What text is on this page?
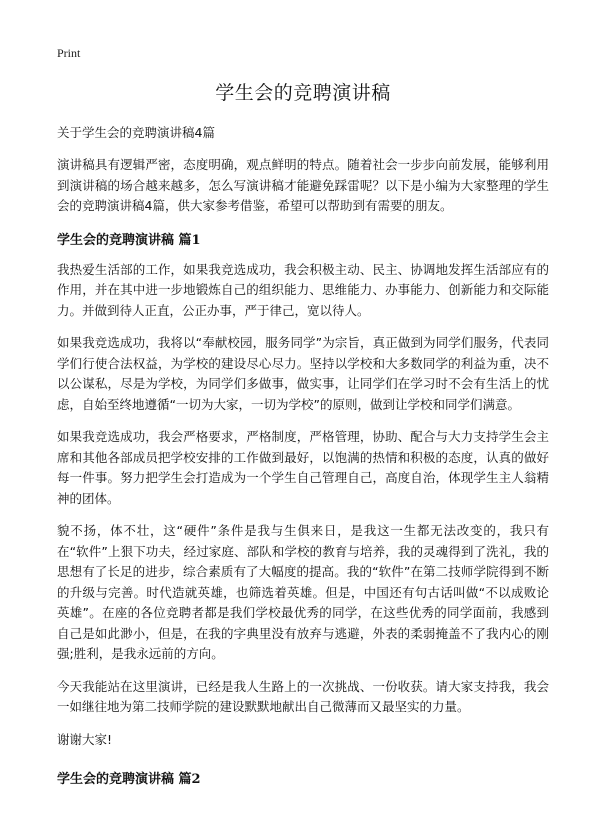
Print
学生会的竞聘演讲稿
关于学生会的竞聘演讲稿4篇

演讲稿具有逻辑严密，态度明确，观点鲜明的特点。随着社会一步步向前发展，能够利用到演讲稿的场合越来越多，怎么写演讲稿才能避免踩雷呢？以下是小编为大家整理的学生会的竞聘演讲稿4篇，供大家参考借鉴，希望可以帮助到有需要的朋友。

学生会的竞聘演讲稿 篇1

我热爱生活部的工作，如果我竞选成功，我会积极主动、民主、协调地发挥生活部应有的作用，并在其中进一步地锻炼自己的组织能力、思维能力、办事能力、创新能力和交际能力。并做到待人正直，公正办事，严于律己，宽以待人。

如果我竞选成功，我将以“奉献校园，服务同学”为宗旨，真正做到为同学们服务，代表同学们行使合法权益，为学校的建设尽心尽力。坚持以学校和大多数同学的利益为重，决不以公谋私，尽是为学校，为同学们多做事，做实事，让同学们在学习时不会有生活上的忧虑，自始至终地遵循“一切为大家，一切为学校”的原则，做到让学校和同学们满意。

如果我竞选成功，我会严格要求，严格制度，严格管理，协助、配合与大力支持学生会主席和其他各部成员把学校安排的工作做到最好，以饱满的热情和积极的态度，认真的做好每一件事。努力把学生会打造成为一个学生自己管理自己，高度自治，体现学生主人翁精神的团体。

貌不扬，体不壮，这“硬件”条件是我与生俱来日，是我这一生都无法改变的，我只有在“软件”上狠下功夫，经过家庭、部队和学校的教育与培养，我的灵魂得到了洗礼，我的思想有了长足的进步，综合素质有了大幅度的提高。我的“软件”在第二技师学院得到不断的升级与完善。时代造就英雄，也筛选着英雄。但是，中国还有句古话叫做“不以成败论英雄”。在座的各位竞聘者都是我们学校最优秀的同学，在这些优秀的同学面前，我感到自己是如此渺小，但是，在我的字典里没有放弃与逃避，外表的柔弱掩盖不了我内心的刚强;胜利，是我永远前的方向。

今天我能站在这里演讲，已经是我人生路上的一次挑战、一份收获。请大家支持我，我会一如继往地为第二技师学院的建设默默地献出自己微薄而又最坚实的力量。

谢谢大家!
学生会的竞聘演讲稿 篇2
